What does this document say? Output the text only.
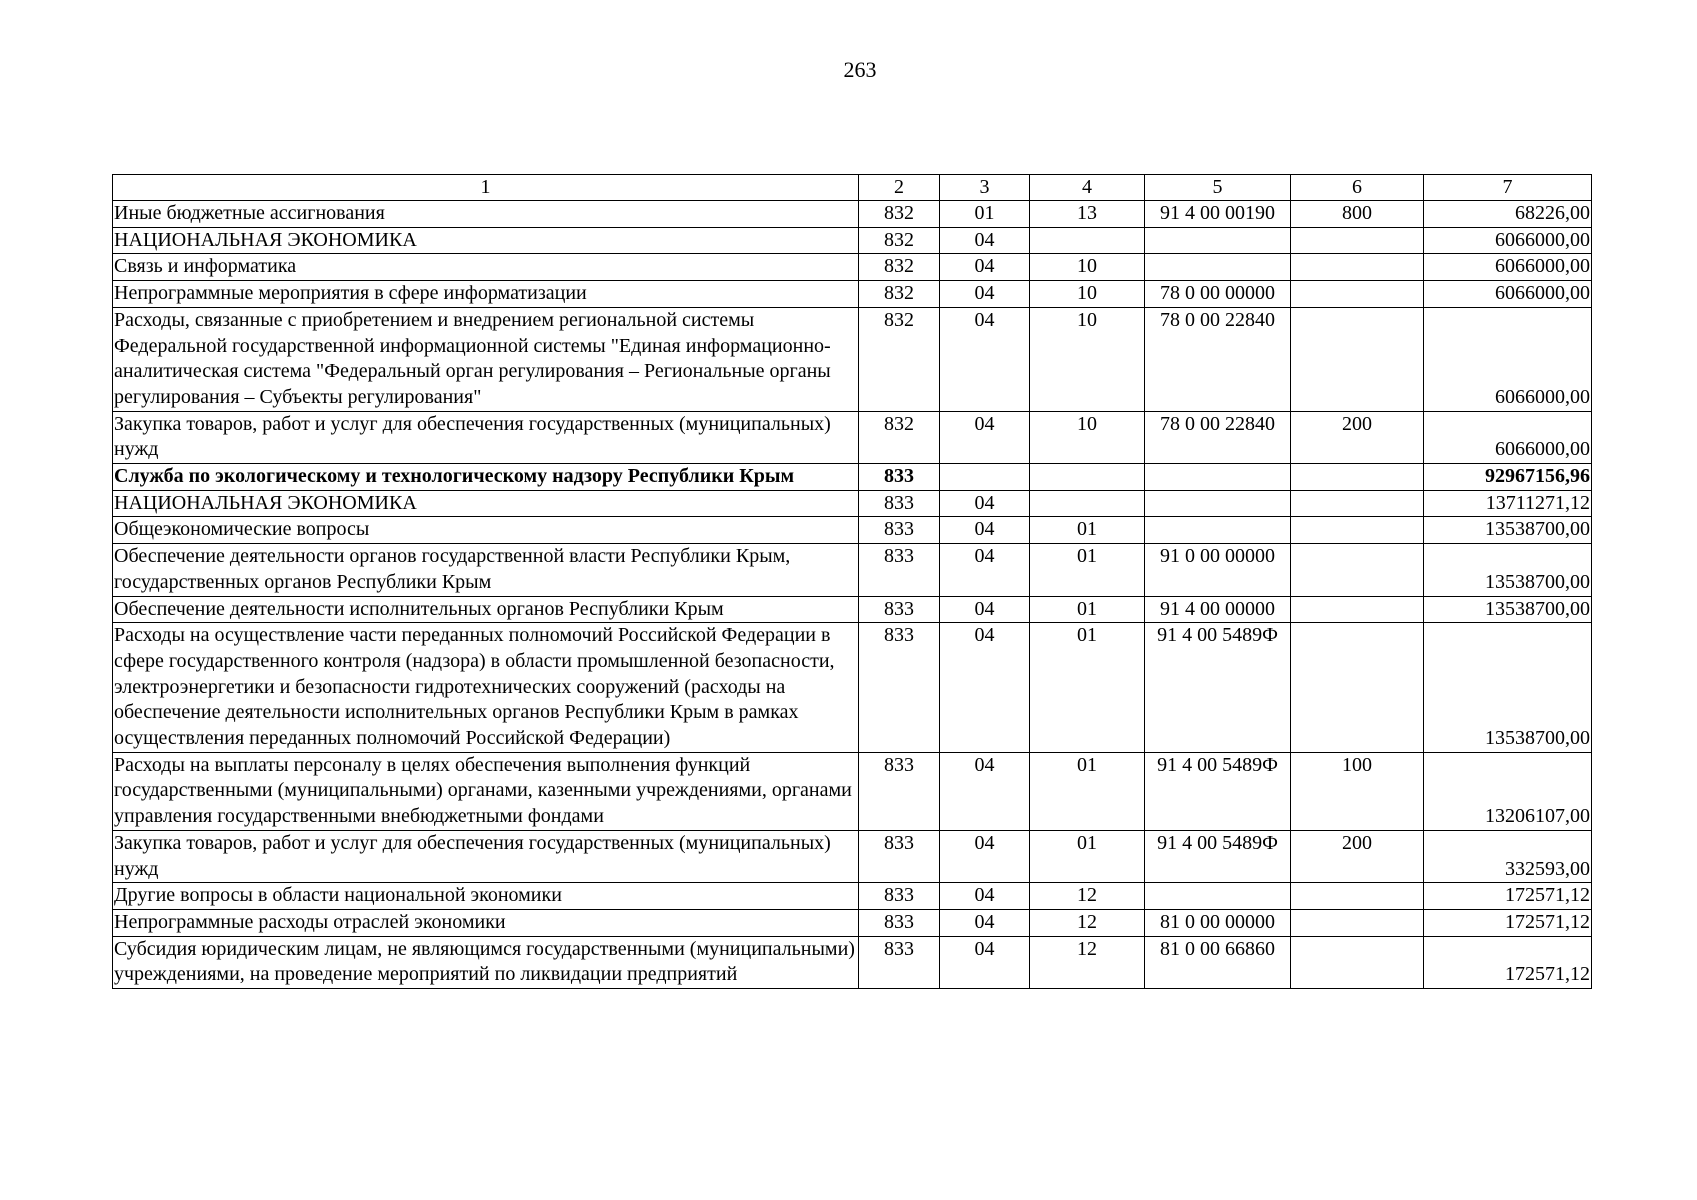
263
1	2	3	4	5	6	7
Иные бюджетные ассигнования	832	01	13	91 4 00 00190	800	68226,00
НАЦИОНАЛЬНАЯ ЭКОНОМИКА	832	04				6066000,00
Связь и информатика	832	04	10			6066000,00
Непрограммные мероприятия в сфере информатизации	832	04	10	78 0 00 00000		6066000,00
Расходы, связанные с приобретением и внедрением региональной системы Федеральной государственной информационной системы "Единая информационно-аналитическая система "Федеральный орган регулирования – Региональные органы регулирования – Субъекты регулирования"	832	04	10	78 0 00 22840		6066000,00
Закупка товаров, работ и услуг для обеспечения государственных (муниципальных) нужд	832	04	10	78 0 00 22840	200	6066000,00
Служба по экологическому и технологическому надзору Республики Крым	833					92967156,96
НАЦИОНАЛЬНАЯ ЭКОНОМИКА	833	04				13711271,12
Общеэкономические вопросы	833	04	01			13538700,00
Обеспечение деятельности органов государственной власти Республики Крым, государственных органов Республики Крым	833	04	01	91 0 00 00000		13538700,00
Обеспечение деятельности исполнительных органов Республики Крым	833	04	01	91 4 00 00000		13538700,00
Расходы на осуществление части переданных полномочий Российской Федерации в сфере государственного контроля (надзора) в области промышленной безопасности, электроэнергетики и безопасности гидротехнических сооружений (расходы на обеспечение деятельности исполнительных органов Республики Крым в рамках осуществления переданных полномочий Российской Федерации)	833	04	01	91 4 00 5489Ф		13538700,00
Расходы на выплаты персоналу в целях обеспечения выполнения функций государственными (муниципальными) органами, казенными учреждениями, органами управления государственными внебюджетными фондами	833	04	01	91 4 00 5489Ф	100	13206107,00
Закупка товаров, работ и услуг для обеспечения государственных (муниципальных) нужд	833	04	01	91 4 00 5489Ф	200	332593,00
Другие вопросы в области национальной экономики	833	04	12			172571,12
Непрограммные расходы отраслей экономики	833	04	12	81 0 00 00000		172571,12
Субсидия юридическим лицам, не являющимся государственными (муниципальными) учреждениями, на проведение мероприятий по ликвидации предприятий	833	04	12	81 0 00 66860		172571,12
